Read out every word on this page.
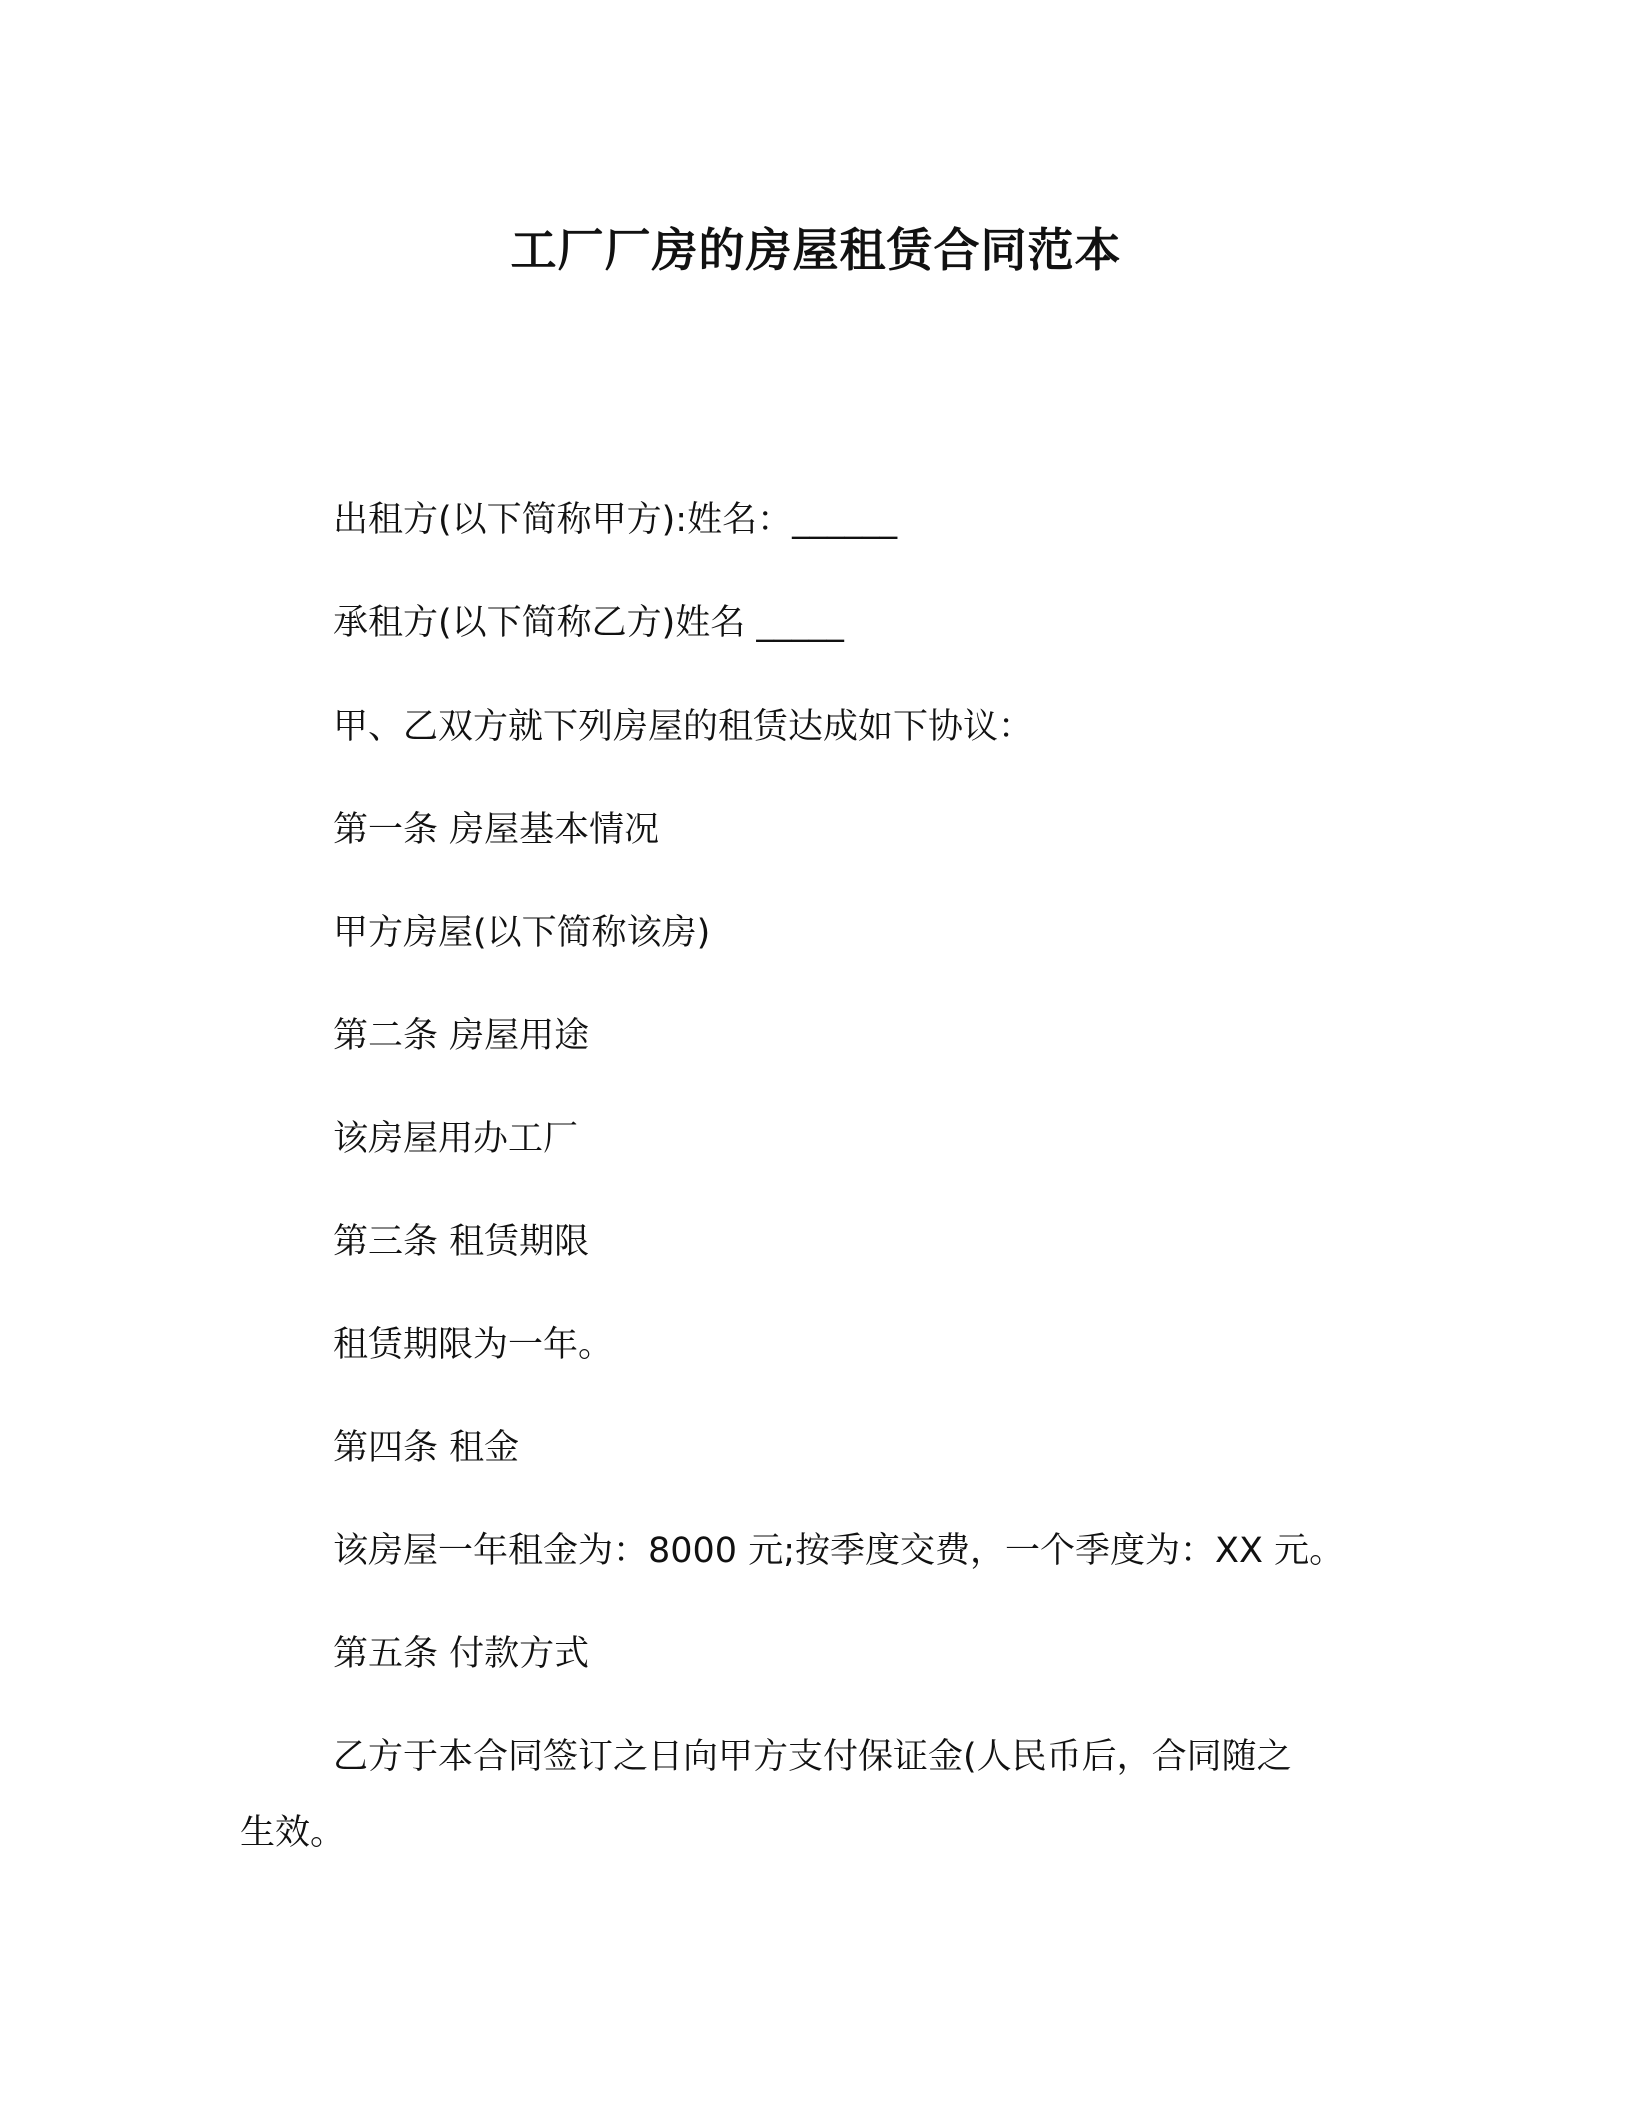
工厂厂房的房屋租赁合同范本
出租方(以下简称甲方):姓名：______
承租方(以下简称乙方)姓名 _____
甲、乙双方就下列房屋的租赁达成如下协议：
第一条 房屋基本情况
甲方房屋(以下简称该房)
第二条 房屋用途
该房屋用办工厂
第三条 租赁期限
租赁期限为一年。
第四条 租金
该房屋一年租金为：8000 元;按季度交费，一个季度为：XX 元。
第五条 付款方式
乙方于本合同签订之日向甲方支付保证金(人民币后，合同随之
生效。
